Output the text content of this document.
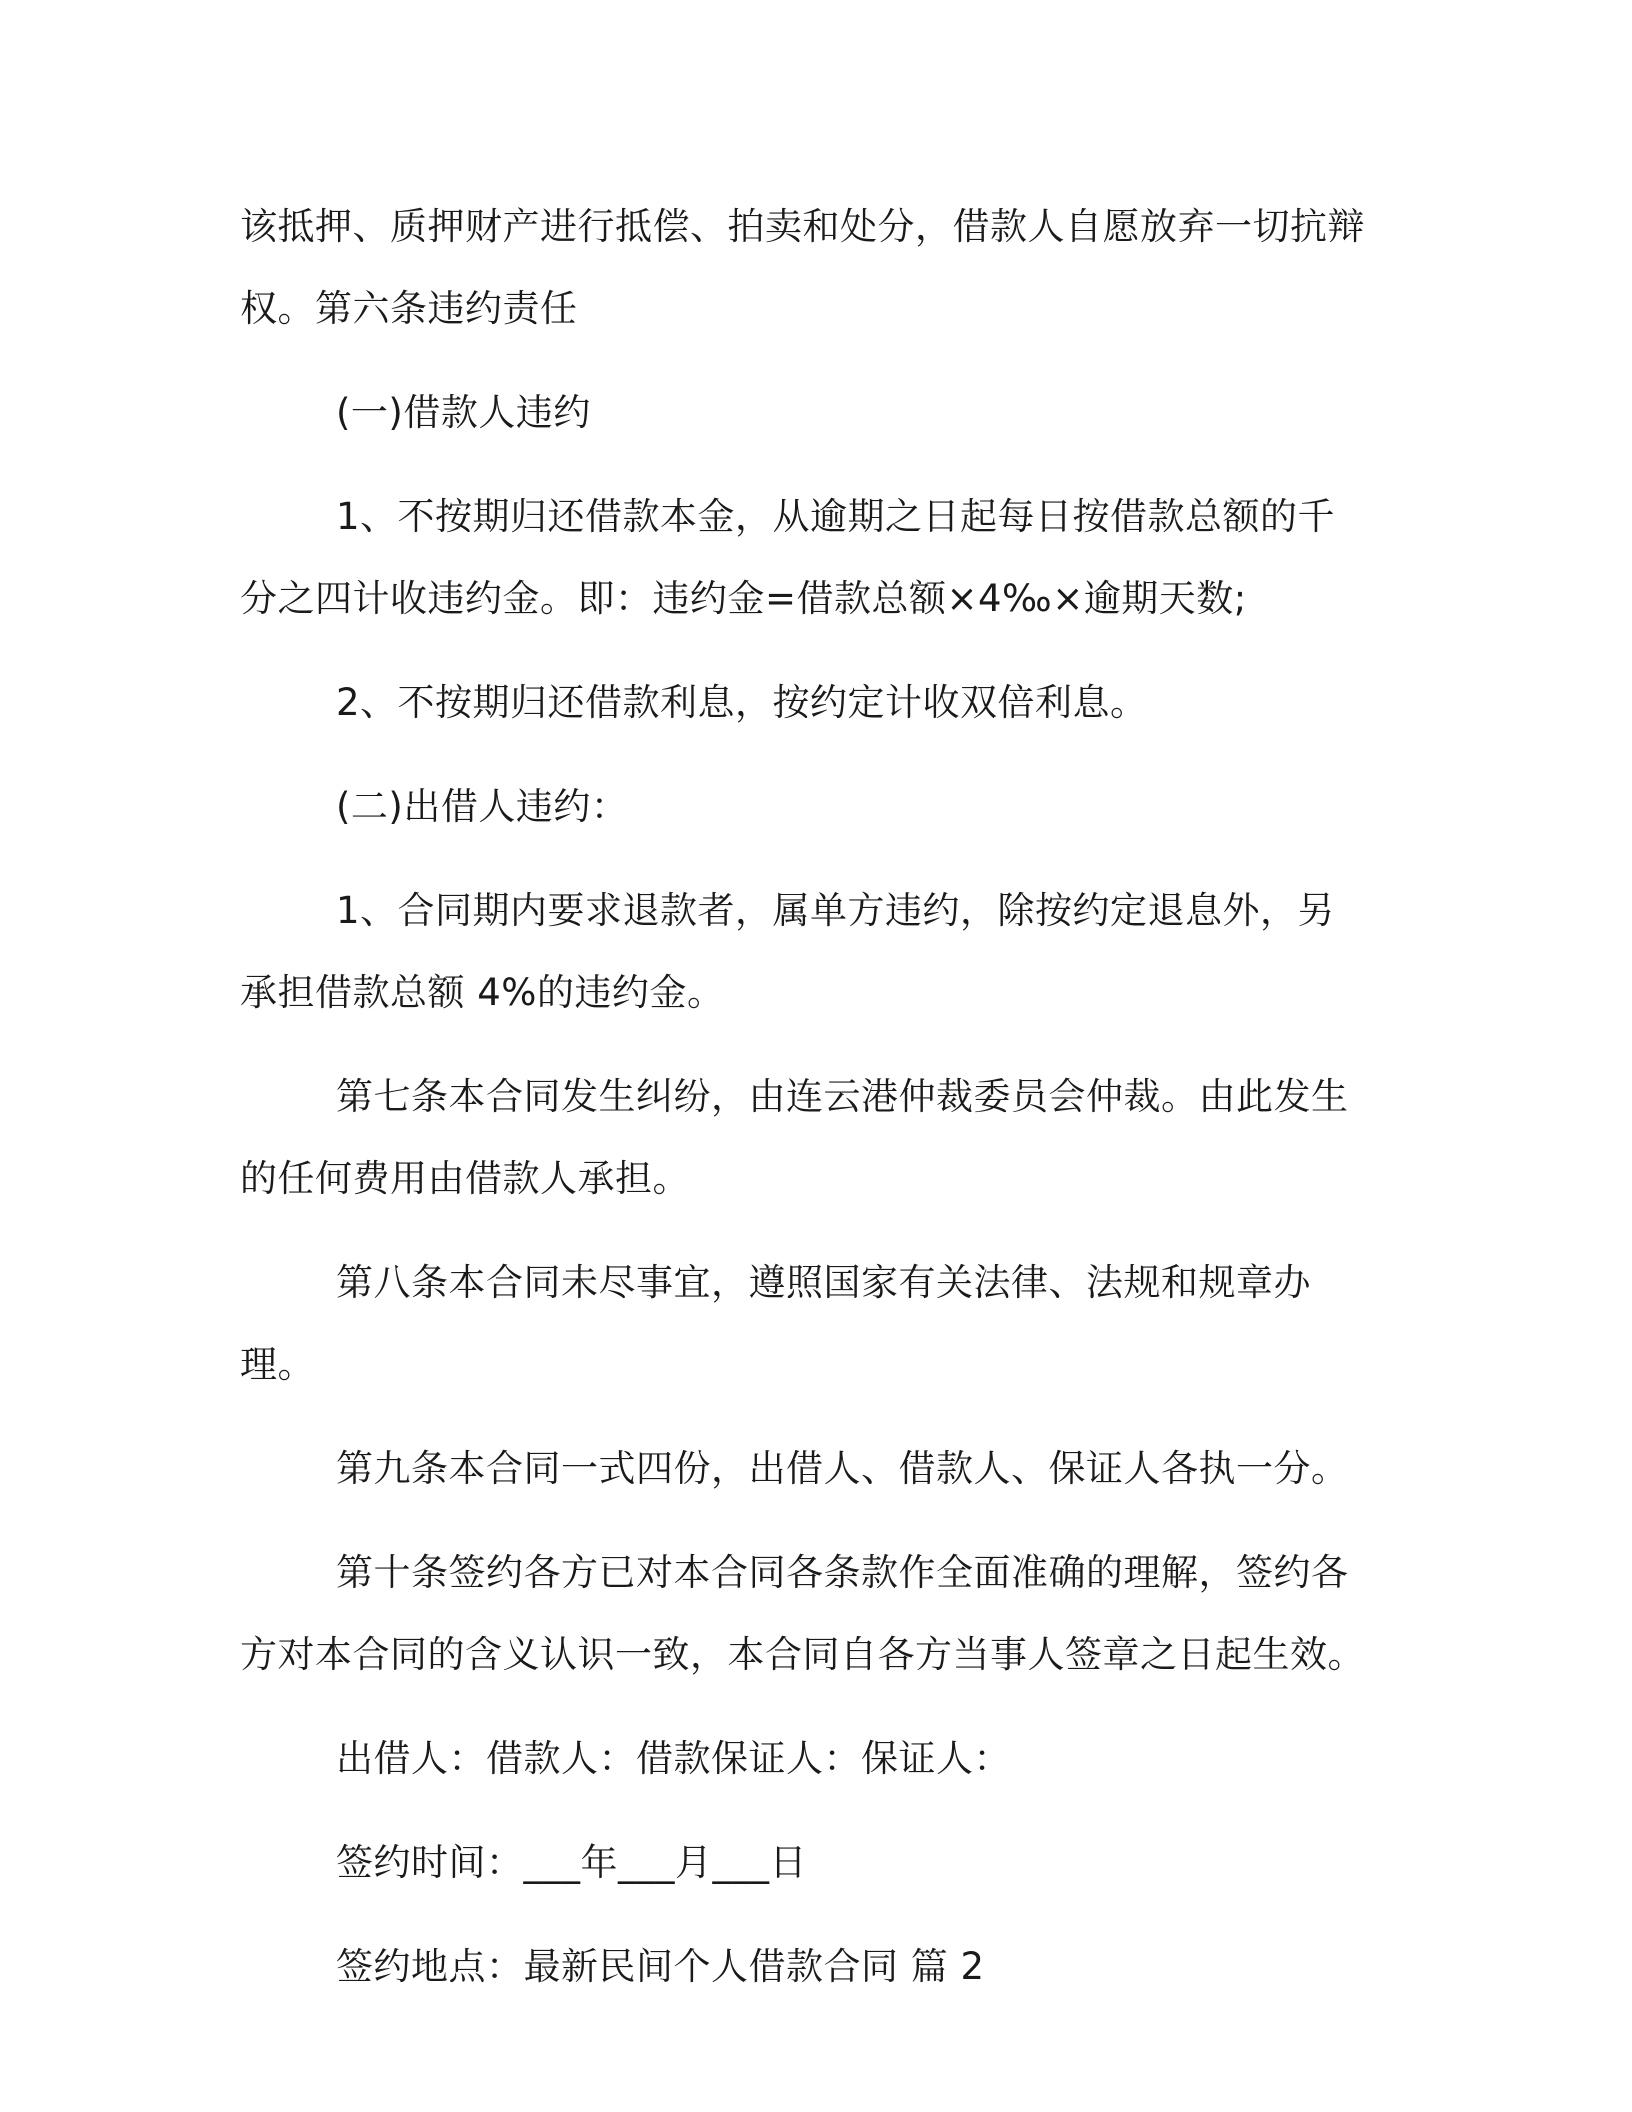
该抵押、质押财产进行抵偿、拍卖和处分，借款人自愿放弃一切抗辩权。第六条违约责任

(一)借款人违约

1、不按期归还借款本金，从逾期之日起每日按借款总额的千分之四计收违约金。即：违约金=借款总额×4‰×逾期天数;

2、不按期归还借款利息，按约定计收双倍利息。

(二)出借人违约：

1、合同期内要求退款者，属单方违约，除按约定退息外，另承担借款总额 4%的违约金。

第七条本合同发生纠纷，由连云港仲裁委员会仲裁。由此发生的任何费用由借款人承担。

第八条本合同未尽事宜，遵照国家有关法律、法规和规章办理。

第九条本合同一式四份，出借人、借款人、保证人各执一分。

第十条签约各方已对本合同各条款作全面准确的理解，签约各方对本合同的含义认识一致，本合同自各方当事人签章之日起生效。

出借人：借款人：借款保证人：保证人：

签约时间：___年___月___日

签约地点：最新民间个人借款合同 篇 2
